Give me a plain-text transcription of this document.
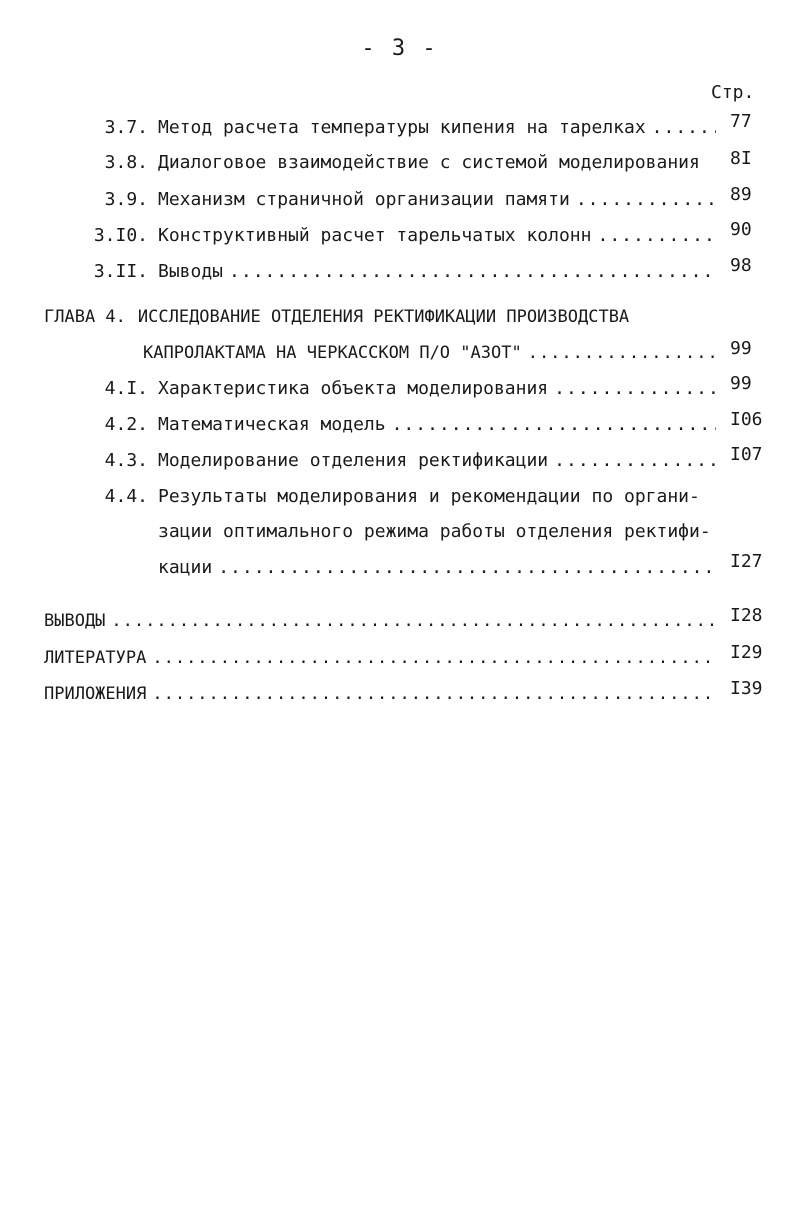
- 3 -
Стр.
3.7. Метод расчета температуры кипения на тарелках .....	77
3.8. Диалоговое взаимодействие с системой моделирования 8I
3.9. Механизм страничной организации памяти .....	89
3.I0. Конструктивный расчет тарельчатых колонн .....	90
3.II. Выводы .....	98
ГЛАВА 4. ИССЛЕДОВАНИЕ ОТДЕЛЕНИЯ РЕКТИФИКАЦИИ ПРОИЗВОДСТВА
КАПРОЛАКТАМА НА ЧЕРКАССКОМ П/О "АЗОТ" .....	99
4.I. Характеристика объекта моделирования .....	99
4.2. Математическая модель .....	I06
4.3. Моделирование отделения ректификации .....	I07
4.4. Результаты моделирования и рекомендации по органи-
зации оптимального режима работы отделения ректифи-
кации .....	I27
ВЫВОДЫ .....	I28
ЛИТЕРАТУРА .....	I29
ПРИЛОЖЕНИЯ .....	I39
